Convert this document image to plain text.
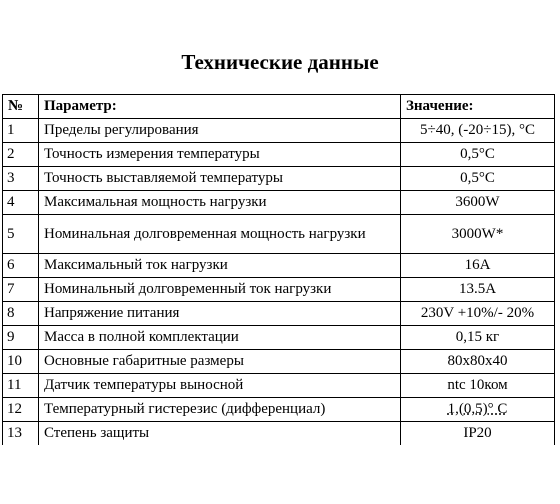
Технические данные
№	Параметр:	Значение:
1	Пределы регулирования	5÷40, (-20÷15), °C
2	Точность измерения температуры	0,5°C
3	Точность выставляемой температуры	0,5°C
4	Максимальная мощность нагрузки	3600W
5	Номинальная долговременная мощность нагрузки	3000W*
6	Максимальный ток нагрузки	16A
7	Номинальный долговременный ток нагрузки	13.5A
8	Напряжение питания	230V +10%/- 20%
9	Масса в полной комплектации	0,15 кг
10	Основные габаритные размеры	80x80x40
11	Датчик температуры выносной	ntc 10ком
12	Температурный гистерезис (дифференциал)	1,(0,5)° C
13	Степень защиты	IP20
